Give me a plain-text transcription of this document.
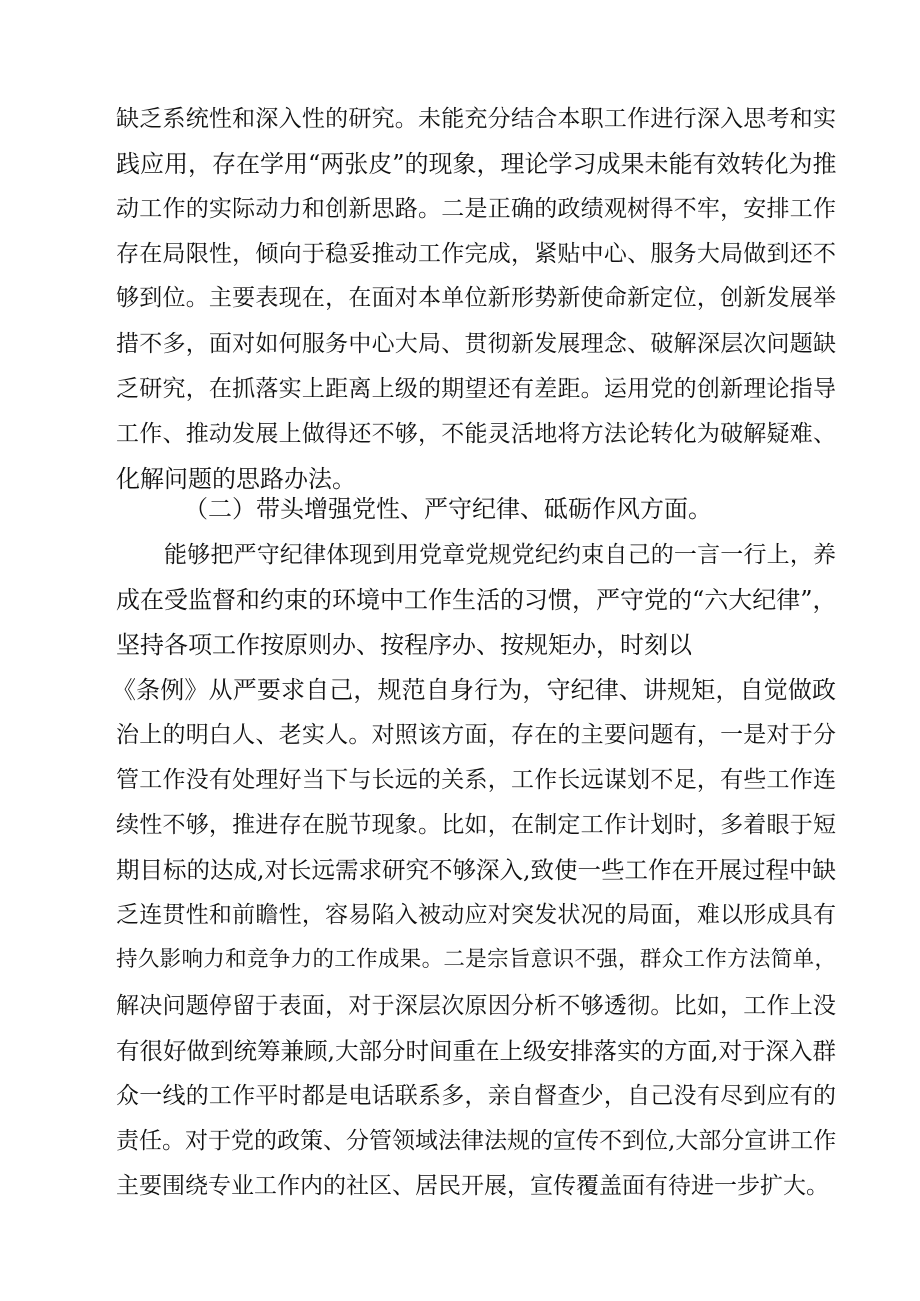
缺乏系统性和深入性的研究。未能充分结合本职工作进行深入思考和实
践应用，存在学用“两张皮”的现象，理论学习成果未能有效转化为推
动工作的实际动力和创新思路。二是正确的政绩观树得不牢，安排工作
存在局限性，倾向于稳妥推动工作完成，紧贴中心、服务大局做到还不
够到位。主要表现在，在面对本单位新形势新使命新定位，创新发展举
措不多，面对如何服务中心大局、贯彻新发展理念、破解深层次问题缺
乏研究，在抓落实上距离上级的期望还有差距。运用党的创新理论指导
工作、推动发展上做得还不够，不能灵活地将方法论转化为破解疑难、
化解问题的思路办法。
（二）带头增强党性、严守纪律、砥砺作风方面。
能够把严守纪律体现到用党章党规党纪约束自己的一言一行上，养
成在受监督和约束的环境中工作生活的习惯，严守党的“六大纪律”，
坚持各项工作按原则办、按程序办、按规矩办，时刻以
《条例》从严要求自己，规范自身行为，守纪律、讲规矩，自觉做政
治上的明白人、老实人。对照该方面，存在的主要问题有，一是对于分
管工作没有处理好当下与长远的关系，工作长远谋划不足，有些工作连
续性不够，推进存在脱节现象。比如，在制定工作计划时，多着眼于短
期目标的达成,对长远需求研究不够深入,致使一些工作在开展过程中缺
乏连贯性和前瞻性，容易陷入被动应对突发状况的局面，难以形成具有
持久影响力和竞争力的工作成果。二是宗旨意识不强，群众工作方法简单，
解决问题停留于表面，对于深层次原因分析不够透彻。比如，工作上没
有很好做到统筹兼顾,大部分时间重在上级安排落实的方面,对于深入群
众一线的工作平时都是电话联系多，亲自督查少，自己没有尽到应有的
责任。对于党的政策、分管领域法律法规的宣传不到位,大部分宣讲工作
主要围绕专业工作内的社区、居民开展，宣传覆盖面有待进一步扩大。
